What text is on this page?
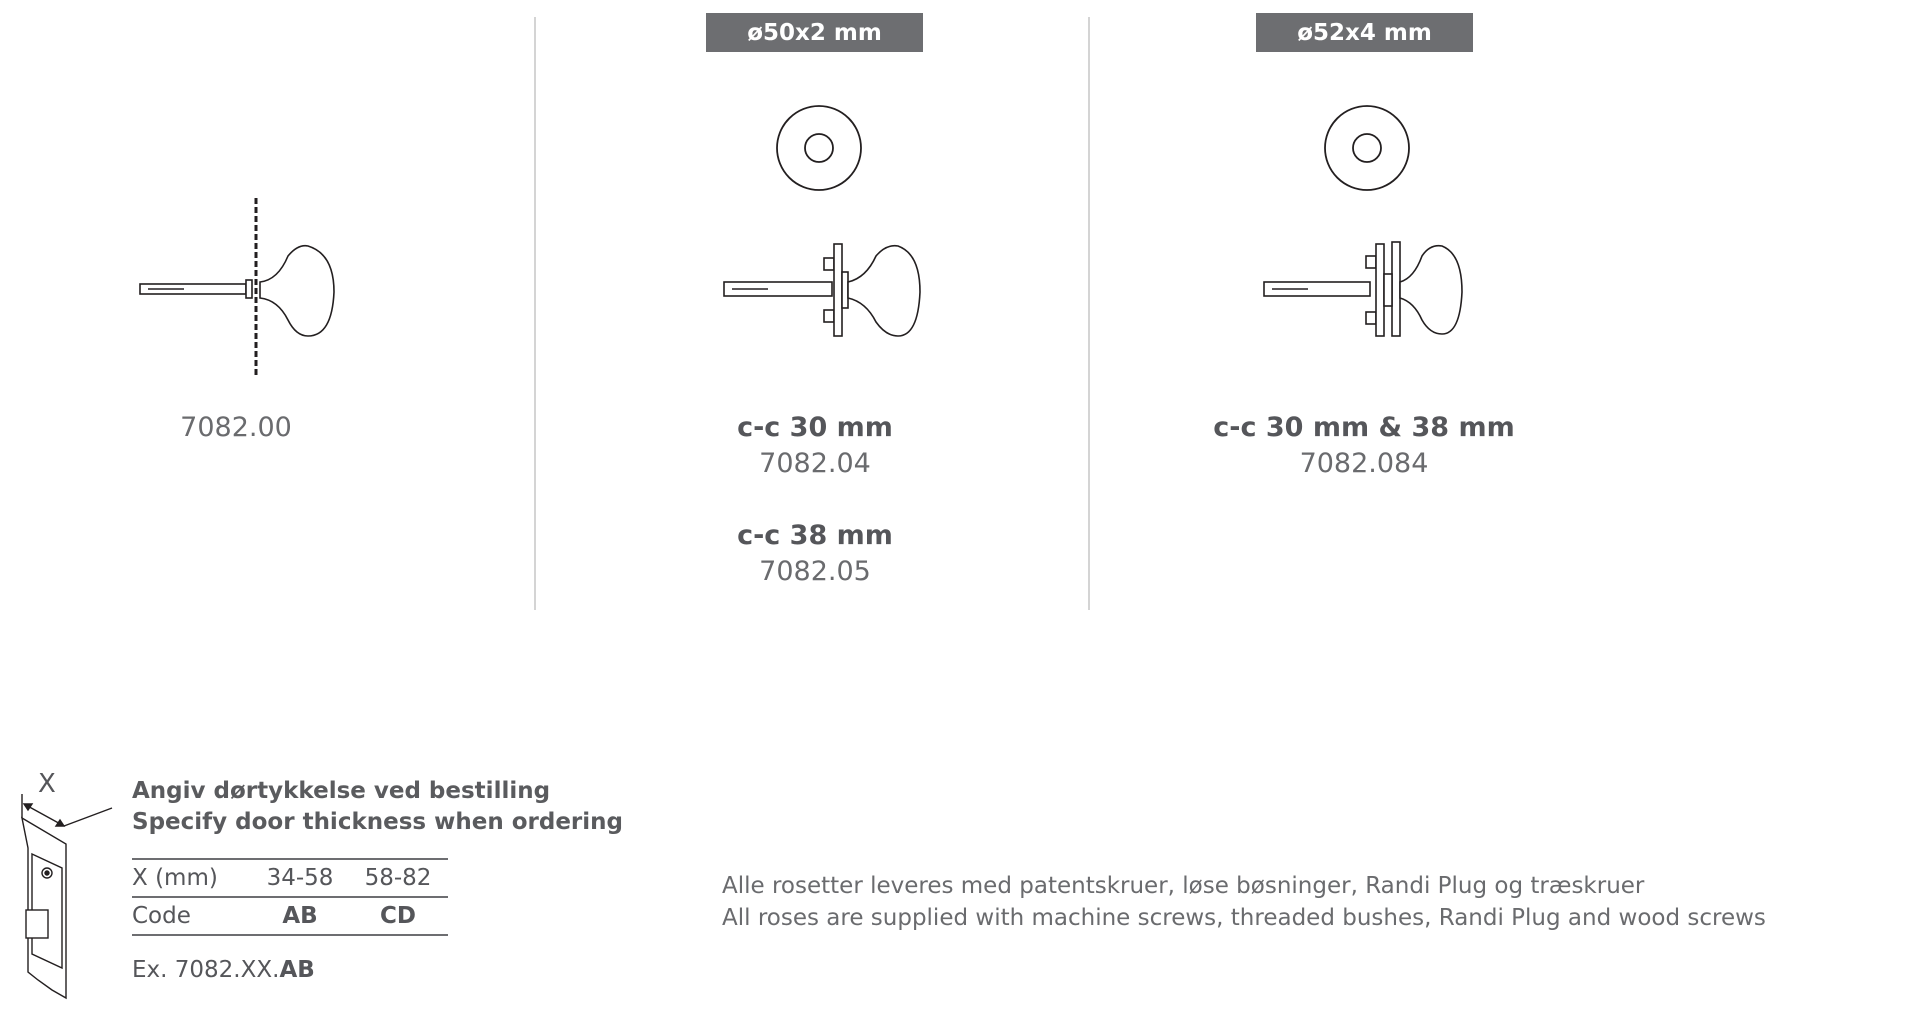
7082.00
ø50x2 mm
c-c 30 mm
7082.04
c-c 38 mm
7082.05
ø52x4 mm
c-c 30 mm & 38 mm
7082.084
X	Angiv dørtykkelse ved bestilling
Specify door thickness when ordering
X (mm)	34-58	58-82
Code	AB	CD
Ex. 7082.XX.AB
Alle rosetter leveres med patentskruer, løse bøsninger, Randi Plug og træskruer
All roses are supplied with machine screws, threaded bushes, Randi Plug and wood screws
